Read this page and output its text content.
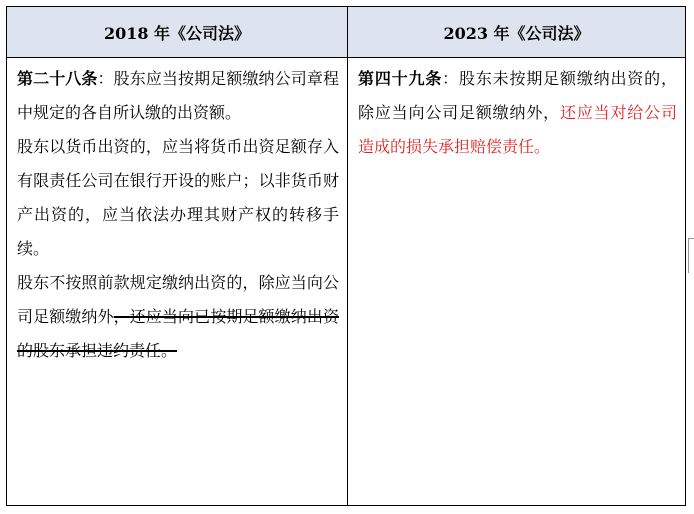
2018 年《公司法》	2023 年《公司法》

第二十八条：股东应当按期足额缴纳公司章程中规定的各自所认缴的出资额。

股东以货币出资的，应当将货币出资足额存入有限责任公司在银行开设的账户；以非货币财产出资的，应当依法办理其财产权的转移手续。

股东不按照前款规定缴纳出资的，除应当向公司足额缴纳外，还应当向已按期足额缴纳出资的股东承担违约责任。	第四十九条：股东未按期足额缴纳出资的，除应当向公司足额缴纳外，还应当对给公司造成的损失承担赔偿责任。
